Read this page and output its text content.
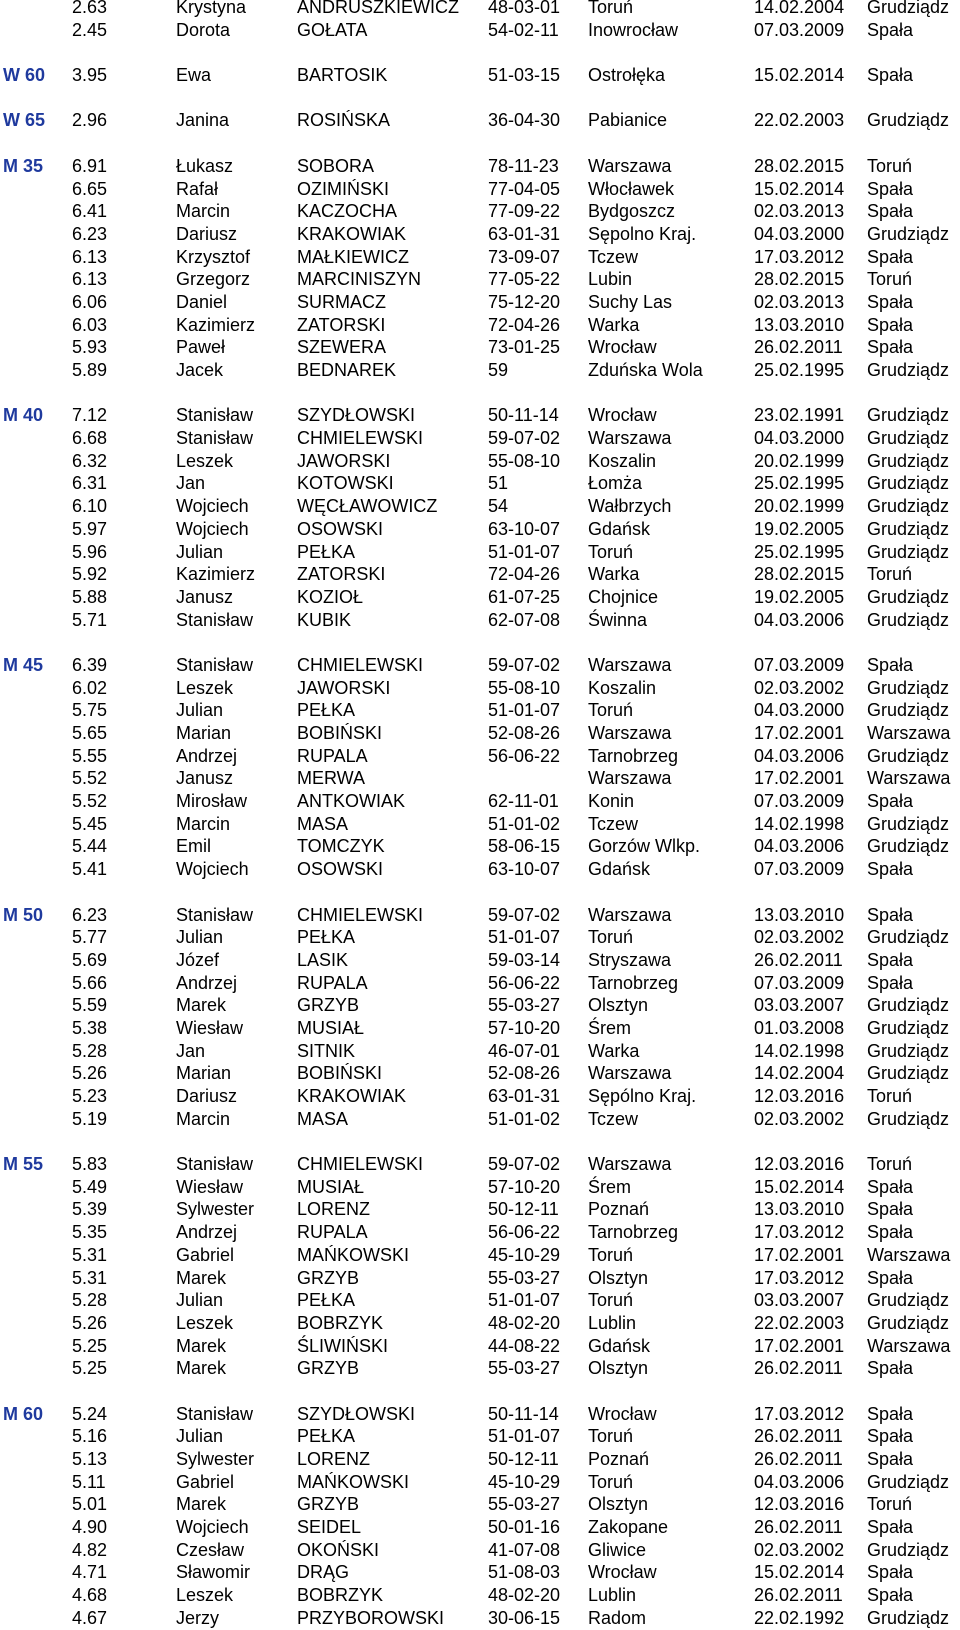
2.63	Krystyna	ANDRUSZKIEWICZ 48-03-01 Toruń	14.02.2004 Grudziądz
2.45	Dorota	GOŁATA	54-02-11 Inowrocław	07.03.2009 Spała
W 60 3.95	Ewa	BARTOSIK	51-03-15 Ostrołęka	15.02.2014 Spała
W 65 2.96	Janina	ROSIŃSKA	36-04-30 Pabianice	22.02.2003 Grudziądz
M 35 6.91	Łukasz	SOBORA	78-11-23 Warszawa	28.02.2015 Toruń
6.65	Rafał	OZIMIŃSKI	77-04-05 Włocławek	15.02.2014 Spała
6.41	Marcin	KACZOCHA	77-09-22 Bydgoszcz	02.03.2013 Spała
6.23	Dariusz	KRAKOWIAK	63-01-31 Sępolno Kraj.	04.03.2000 Grudziądz
6.13	Krzysztof	MAŁKIEWICZ	73-09-07 Tczew	17.03.2012 Spała
6.13	Grzegorz	MARCINISZYN	77-05-22 Lubin	28.02.2015 Toruń
6.06	Daniel	SURMACZ	75-12-20 Suchy Las	02.03.2013 Spała
6.03	Kazimierz ZATORSKI	72-04-26 Warka	13.03.2010 Spała
5.93	Paweł	SZEWERA	73-01-25 Wrocław	26.02.2011 Spała
5.89	Jacek	BEDNAREK	59	Zduńska Wola	25.02.1995 Grudziądz
M 40 7.12	Stanisław SZYDŁOWSKI	50-11-14 Wrocław	23.02.1991 Grudziądz
6.68	Stanisław CHMIELEWSKI	59-07-02 Warszawa	04.03.2000 Grudziądz
6.32	Leszek	JAWORSKI	55-08-10 Koszalin	20.02.1999 Grudziądz
6.31	Jan	KOTOWSKI	51	Łomża	25.02.1995 Grudziądz
6.10	Wojciech	WĘCŁAWOWICZ	54	Wałbrzych	20.02.1999 Grudziądz
5.97	Wojciech	OSOWSKI	63-10-07 Gdańsk	19.02.2005 Grudziądz
5.96	Julian	PEŁKA	51-01-07 Toruń	25.02.1995 Grudziądz
5.92	Kazimierz ZATORSKI	72-04-26 Warka	28.02.2015 Toruń
5.88	Janusz	KOZIOŁ	61-07-25 Chojnice	19.02.2005 Grudziądz
5.71	Stanisław KUBIK	62-07-08 Świnna	04.03.2006 Grudziądz
M 45 6.39	Stanisław CHMIELEWSKI	59-07-02 Warszawa	07.03.2009 Spała
6.02	Leszek	JAWORSKI	55-08-10 Koszalin	02.03.2002 Grudziądz
5.75	Julian	PEŁKA	51-01-07 Toruń	04.03.2000 Grudziądz
5.65	Marian	BOBIŃSKI	52-08-26 Warszawa	17.02.2001 Warszawa
5.55	Andrzej	RUPALA	56-06-22 Tarnobrzeg	04.03.2006 Grudziądz
5.52	Janusz	MERWA	Warszawa	17.02.2001 Warszawa
5.52	Mirosław	ANTKOWIAK	62-11-01 Konin	07.03.2009 Spała
5.45	Marcin	MASA	51-01-02 Tczew	14.02.1998 Grudziądz
5.44	Emil	TOMCZYK	58-06-15 Gorzów Wlkp.	04.03.2006 Grudziądz
5.41	Wojciech	OSOWSKI	63-10-07 Gdańsk	07.03.2009 Spała
M 50 6.23	Stanisław CHMIELEWSKI	59-07-02 Warszawa	13.03.2010 Spała
5.77	Julian	PEŁKA	51-01-07 Toruń	02.03.2002 Grudziądz
5.69	Józef	LASIK	59-03-14 Stryszawa	26.02.2011 Spała
5.66	Andrzej	RUPALA	56-06-22 Tarnobrzeg	07.03.2009 Spała
5.59	Marek	GRZYB	55-03-27 Olsztyn	03.03.2007 Grudziądz
5.38	Wiesław	MUSIAŁ	57-10-20 Śrem	01.03.2008 Grudziądz
5.28	Jan	SITNIK	46-07-01 Warka	14.02.1998 Grudziądz
5.26	Marian	BOBIŃSKI	52-08-26 Warszawa	14.02.2004 Grudziądz
5.23	Dariusz	KRAKOWIAK	63-01-31 Sępólno Kraj.	12.03.2016 Toruń
5.19	Marcin	MASA	51-01-02 Tczew	02.03.2002 Grudziądz
M 55 5.83	Stanisław CHMIELEWSKI	59-07-02 Warszawa	12.03.2016 Toruń
5.49	Wiesław	MUSIAŁ	57-10-20 Śrem	15.02.2014 Spała
5.39	Sylwester LORENZ	50-12-11 Poznań	13.03.2010 Spała
5.35	Andrzej	RUPALA	56-06-22 Tarnobrzeg	17.03.2012 Spała
5.31	Gabriel	MAŃKOWSKI	45-10-29 Toruń	17.02.2001 Warszawa
5.31	Marek	GRZYB	55-03-27 Olsztyn	17.03.2012 Spała
5.28	Julian	PEŁKA	51-01-07 Toruń	03.03.2007 Grudziądz
5.26	Leszek	BOBRZYK	48-02-20 Lublin	22.02.2003 Grudziądz
5.25	Marek	ŚLIWIŃSKI	44-08-22 Gdańsk	17.02.2001 Warszawa
5.25	Marek	GRZYB	55-03-27 Olsztyn	26.02.2011 Spała
M 60 5.24	Stanisław SZYDŁOWSKI	50-11-14 Wrocław	17.03.2012 Spała
5.16	Julian	PEŁKA	51-01-07 Toruń	26.02.2011 Spała
5.13	Sylwester LORENZ	50-12-11 Poznań	26.02.2011 Spała
5.11	Gabriel	MAŃKOWSKI	45-10-29 Toruń	04.03.2006 Grudziądz
5.01	Marek	GRZYB	55-03-27 Olsztyn	12.03.2016 Toruń
4.90	Wojciech	SEIDEL	50-01-16 Zakopane	26.02.2011 Spała
4.82	Czesław	OKOŃSKI	41-07-08 Gliwice	02.03.2002 Grudziądz
4.71	Sławomir	DRĄG	51-08-03 Wrocław	15.02.2014 Spała
4.68	Leszek	BOBRZYK	48-02-20 Lublin	26.02.2011 Spała
4.67	Jerzy	PRZYBOROWSKI 30-06-15 Radom	22.02.1992 Grudziądz
